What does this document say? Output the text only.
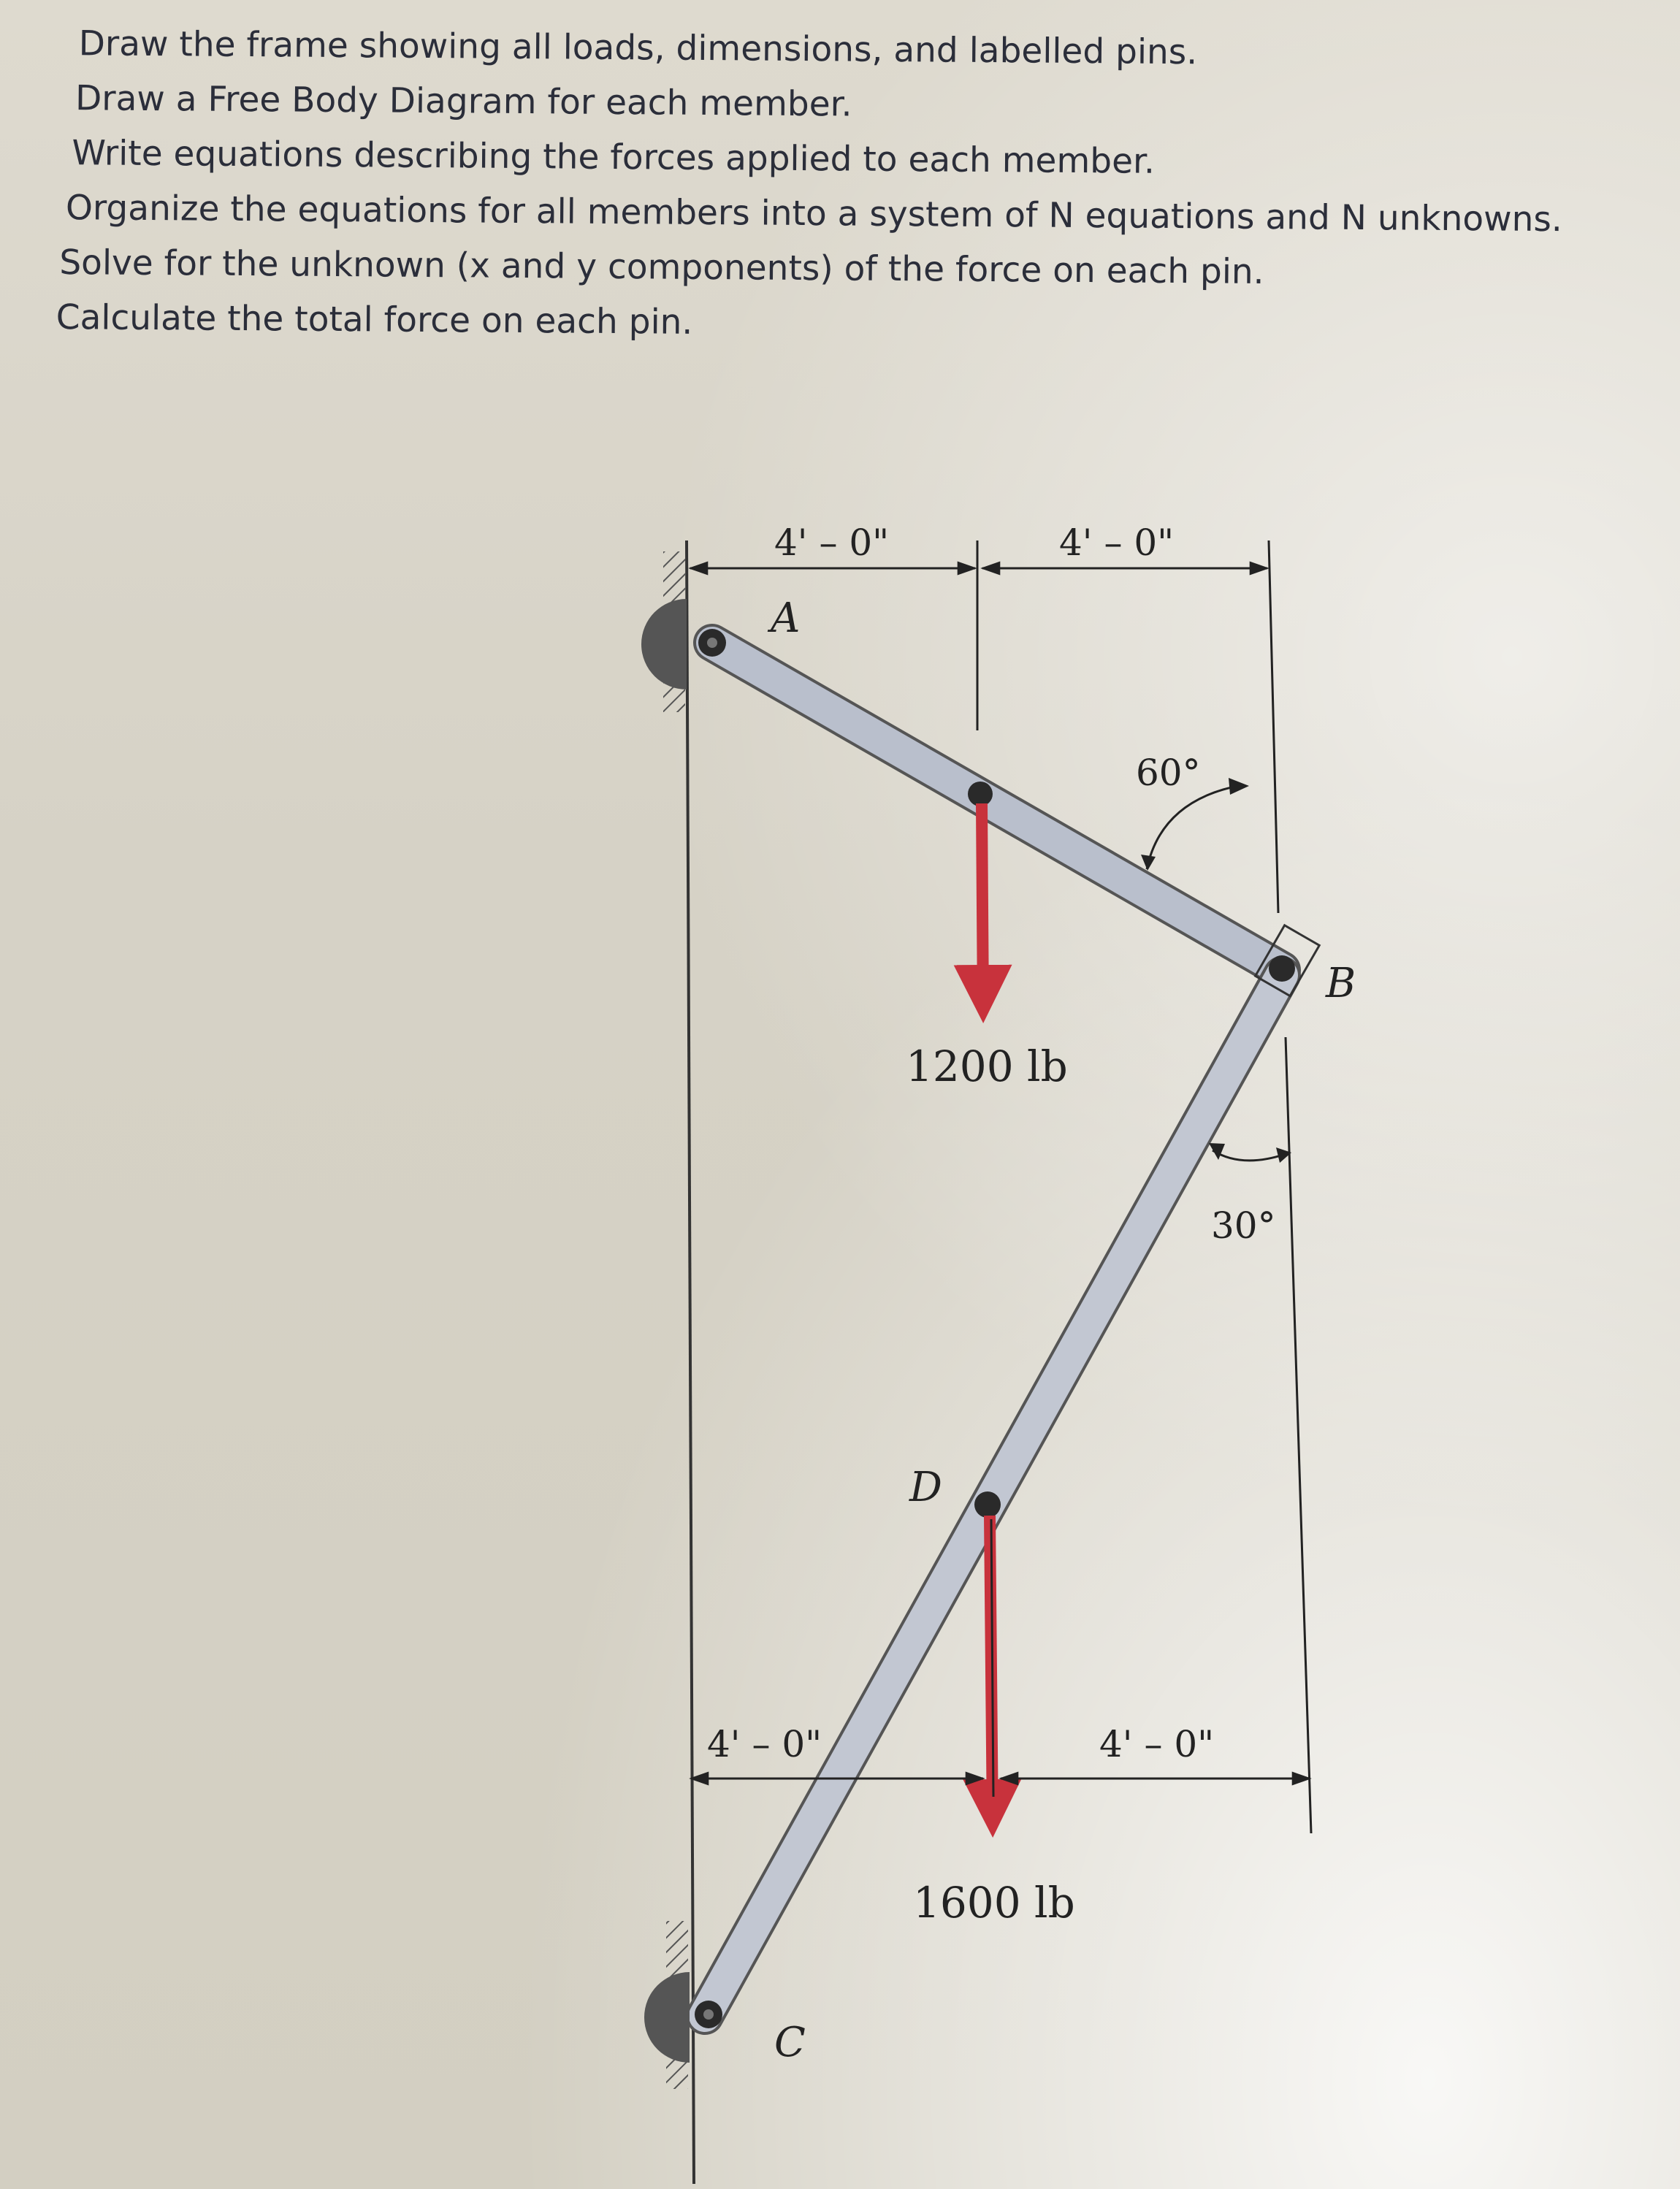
Draw the frame showing all loads, dimensions, and labelled pins.
Draw a Free Body Diagram for each member.
Write equations describing the forces applied to each member.
Organize the equations for all members into a system of N equations and N unknowns.
Solve for the unknown (x and y components) of the force on each pin.
Calculate the total force on each pin.
4' – 0"	4' – 0"
1200 lb
1600 lb
A
B
C
D
60°
30°
4' – 0"	4' – 0"
